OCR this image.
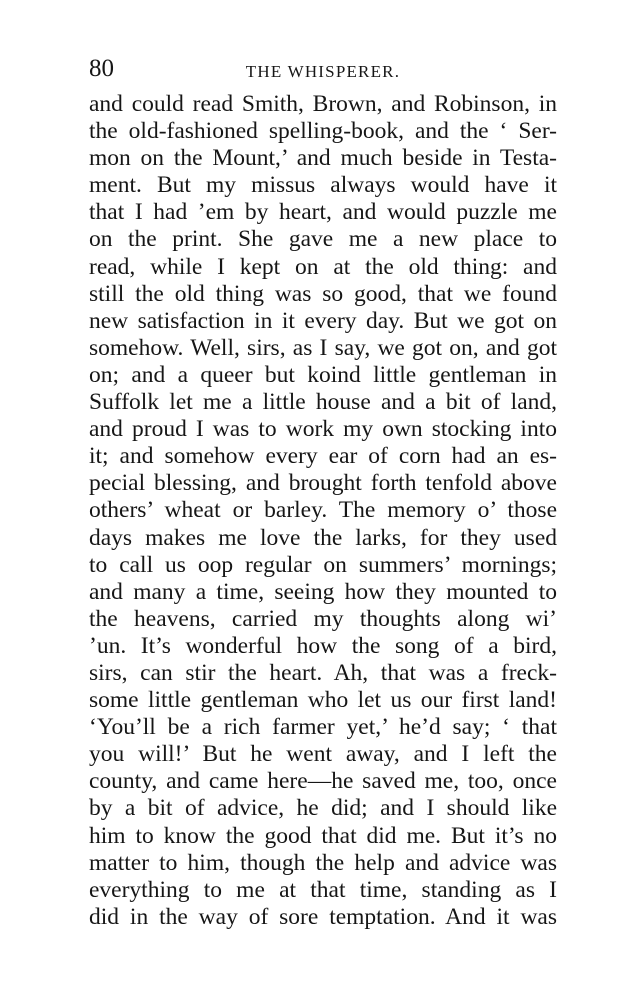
80	THE WHISPERER.
and could read Smith, Brown, and Robinson, in
the old-fashioned spelling-book, and the ‘ Ser-
mon on the Mount,’ and much beside in Testa-
ment. But my missus always would have it
that I had ’em by heart, and would puzzle me
on the print. She gave me a new place to
read, while I kept on at the old thing: and
still the old thing was so good, that we found
new satisfaction in it every day. But we got on
somehow. Well, sirs, as I say, we got on, and got
on; and a queer but koind little gentleman in
Suffolk let me a little house and a bit of land,
and proud I was to work my own stocking into
it; and somehow every ear of corn had an es-
pecial blessing, and brought forth tenfold above
others’ wheat or barley. The memory o’ those
days makes me love the larks, for they used
to call us oop regular on summers’ mornings;
and many a time, seeing how they mounted to
the heavens, carried my thoughts along wi’
’un. It’s wonderful how the song of a bird,
sirs, can stir the heart. Ah, that was a freck-
some little gentleman who let us our first land!
‘You’ll be a rich farmer yet,’ he’d say; ‘ that
you will!’ But he went away, and I left the
county, and came here—he saved me, too, once
by a bit of advice, he did; and I should like
him to know the good that did me. But it’s no
matter to him, though the help and advice was
everything to me at that time, standing as I
did in the way of sore temptation. And it was
